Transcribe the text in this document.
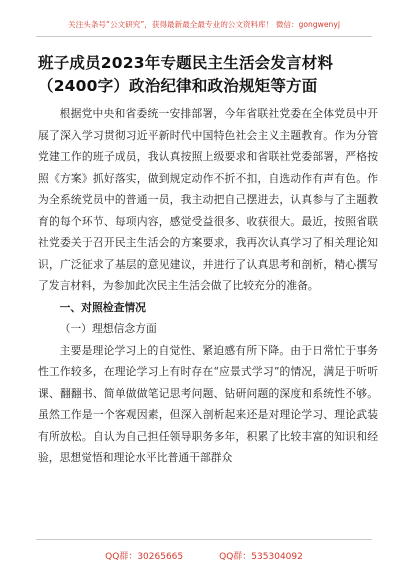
关注头条号“公文研究”，获得最新最全最专业的公文资料库！ 微信：gongwenyj
班子成员2023年专题民主生活会发言材料（2400字）政治纪律和政治规矩等方面

根据党中央和省委统一安排部署，今年省联社党委在全体党员中开展了深入学习贯彻习近平新时代中国特色社会主义主题教育。作为分管党建工作的班子成员，我认真按照上级要求和省联社党委部署，严格按照《方案》抓好落实，做到规定动作不折不扣，自选动作有声有色。作为全系统党员中的普通一员，我主动把自己摆进去，认真参与了主题教育的每个环节、每项内容，感觉受益很多、收获很大。最近，按照省联社党委关于召开民主生活会的方案要求，我再次认真学习了相关理论知识，广泛征求了基层的意见建议，并进行了认真思考和剖析，精心撰写了发言材料，为参加此次民主生活会做了比较充分的准备。

一、对照检查情况

（一）理想信念方面

主要是理论学习上的自觉性、紧迫感有所下降。由于日常忙于事务性工作较多，在理论学习上有时存在“应景式学习”的情况，满足于听听课、翻翻书、简单做做笔记思考问题、钻研问题的深度和系统性不够。虽然工作是一个客观因素，但深入剖析起来还是对理论学习、理论武装有所放松。自认为自己担任领导职务多年，积累了比较丰富的知识和经验，思想觉悟和理论水平比普通干部群众

QQ群：30265665	QQ群：535304092
